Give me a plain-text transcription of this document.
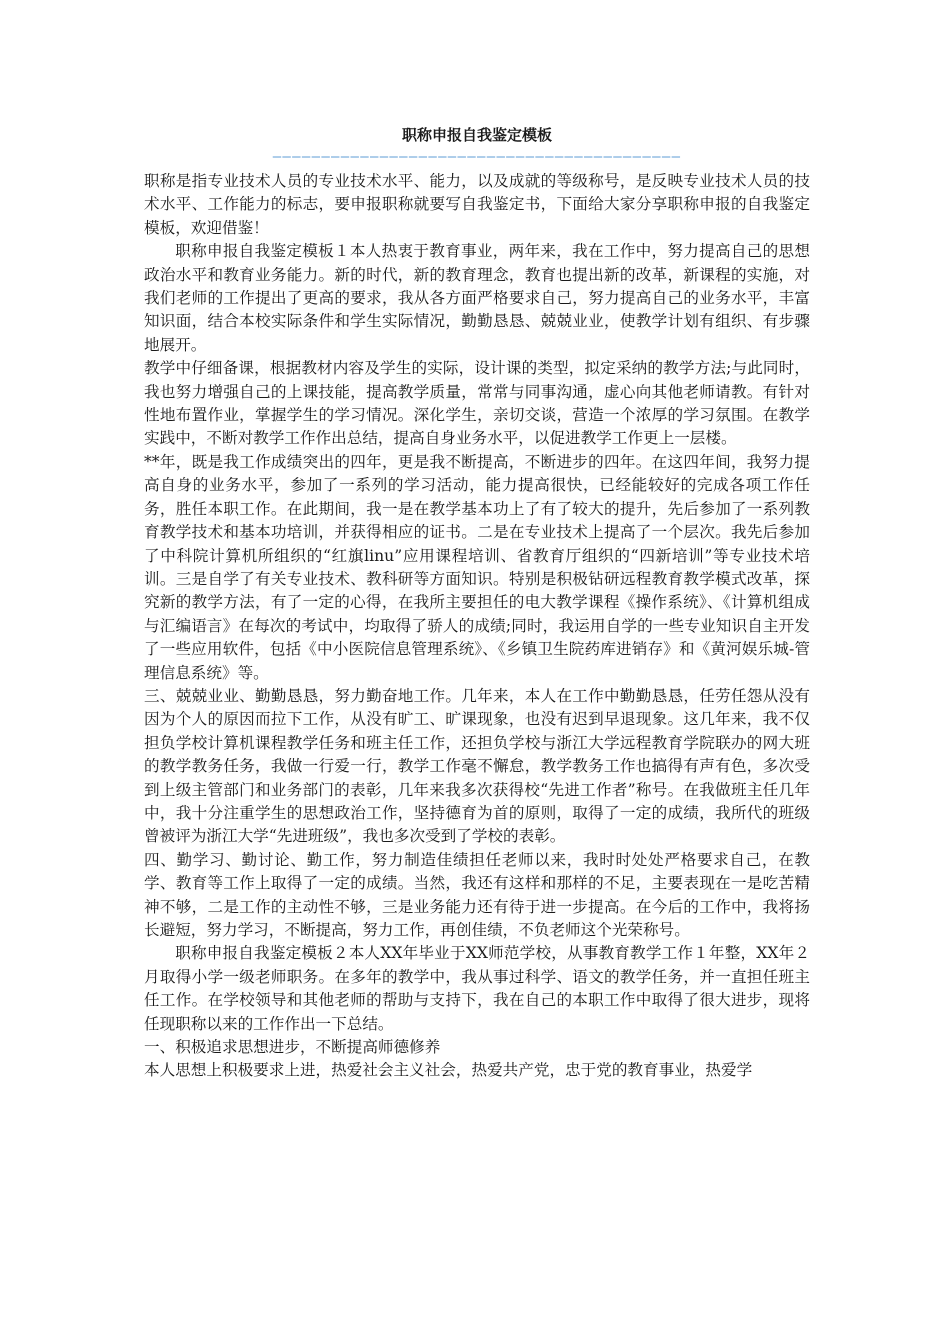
职称申报自我鉴定模板
——————————————————————————————————————————

职称是指专业技术人员的专业技术水平、能力，以及成就的等级称号，是反映专业技术人员的技术水平、工作能力的标志，要申报职称就要写自我鉴定书，下面给大家分享职称申报的自我鉴定模板，欢迎借鉴！

职称申报自我鉴定模板１本人热衷于教育事业，两年来，我在工作中，努力提高自己的思想政治水平和教育业务能力。新的时代，新的教育理念，教育也提出新的改革，新课程的实施，对我们老师的工作提出了更高的要求，我从各方面严格要求自己，努力提高自己的业务水平，丰富知识面，结合本校实际条件和学生实际情况，勤勤恳恳、兢兢业业，使教学计划有组织、有步骤地展开。

教学中仔细备课，根据教材内容及学生的实际，设计课的类型，拟定采纳的教学方法;与此同时，我也努力增强自己的上课技能，提高教学质量，常常与同事沟通，虚心向其他老师请教。有针对性地布置作业，掌握学生的学习情况。深化学生，亲切交谈，营造一个浓厚的学习氛围。在教学实践中，不断对教学工作作出总结，提高自身业务水平，以促进教学工作更上一层楼。

**年，既是我工作成绩突出的四年，更是我不断提高，不断进步的四年。在这四年间，我努力提高自身的业务水平，参加了一系列的学习活动，能力提高很快，已经能较好的完成各项工作任务，胜任本职工作。在此期间，我一是在教学基本功上了有了较大的提升，先后参加了一系列教育教学技术和基本功培训，并获得相应的证书。二是在专业技术上提高了一个层次。我先后参加了中科院计算机所组织的“红旗linu”应用课程培训、省教育厅组织的“四新培训”等专业技术培训。三是自学了有关专业技术、教科研等方面知识。特别是积极钻研远程教育教学模式改革，探究新的教学方法，有了一定的心得，在我所主要担任的电大教学课程《操作系统》、《计算机组成与汇编语言》在每次的考试中，均取得了骄人的成绩;同时，我运用自学的一些专业知识自主开发了一些应用软件，包括《中小医院信息管理系统》、《乡镇卫生院药库进销存》和《黄河娱乐城-管理信息系统》等。

三、兢兢业业、勤勤恳恳，努力勤奋地工作。几年来，本人在工作中勤勤恳恳，任劳任怨从没有因为个人的原因而拉下工作，从没有旷工、旷课现象，也没有迟到早退现象。这几年来，我不仅担负学校计算机课程教学任务和班主任工作，还担负学校与浙江大学远程教育学院联办的网大班的教学教务任务，我做一行爱一行，教学工作毫不懈怠，教学教务工作也搞得有声有色，多次受到上级主管部门和业务部门的表彰，几年来我多次获得校“先进工作者”称号。在我做班主任几年中，我十分注重学生的思想政治工作，坚持德育为首的原则，取得了一定的成绩，我所代的班级曾被评为浙江大学“先进班级”，我也多次受到了学校的表彰。

四、勤学习、勤讨论、勤工作，努力制造佳绩担任老师以来，我时时处处严格要求自己，在教学、教育等工作上取得了一定的成绩。当然，我还有这样和那样的不足，主要表现在一是吃苦精神不够，二是工作的主动性不够，三是业务能力还有待于进一步提高。在今后的工作中，我将扬长避短，努力学习，不断提高，努力工作，再创佳绩，不负老师这个光荣称号。

职称申报自我鉴定模板２本人XX年毕业于XX师范学校，从事教育教学工作１年整，XX年２月取得小学一级老师职务。在多年的教学中，我从事过科学、语文的教学任务，并一直担任班主任工作。在学校领导和其他老师的帮助与支持下，我在自己的本职工作中取得了很大进步，现将任现职称以来的工作作出一下总结。

一、积极追求思想进步，不断提高师德修养

本人思想上积极要求上进，热爱社会主义社会，热爱共产党，忠于党的教育事业，热爱学
